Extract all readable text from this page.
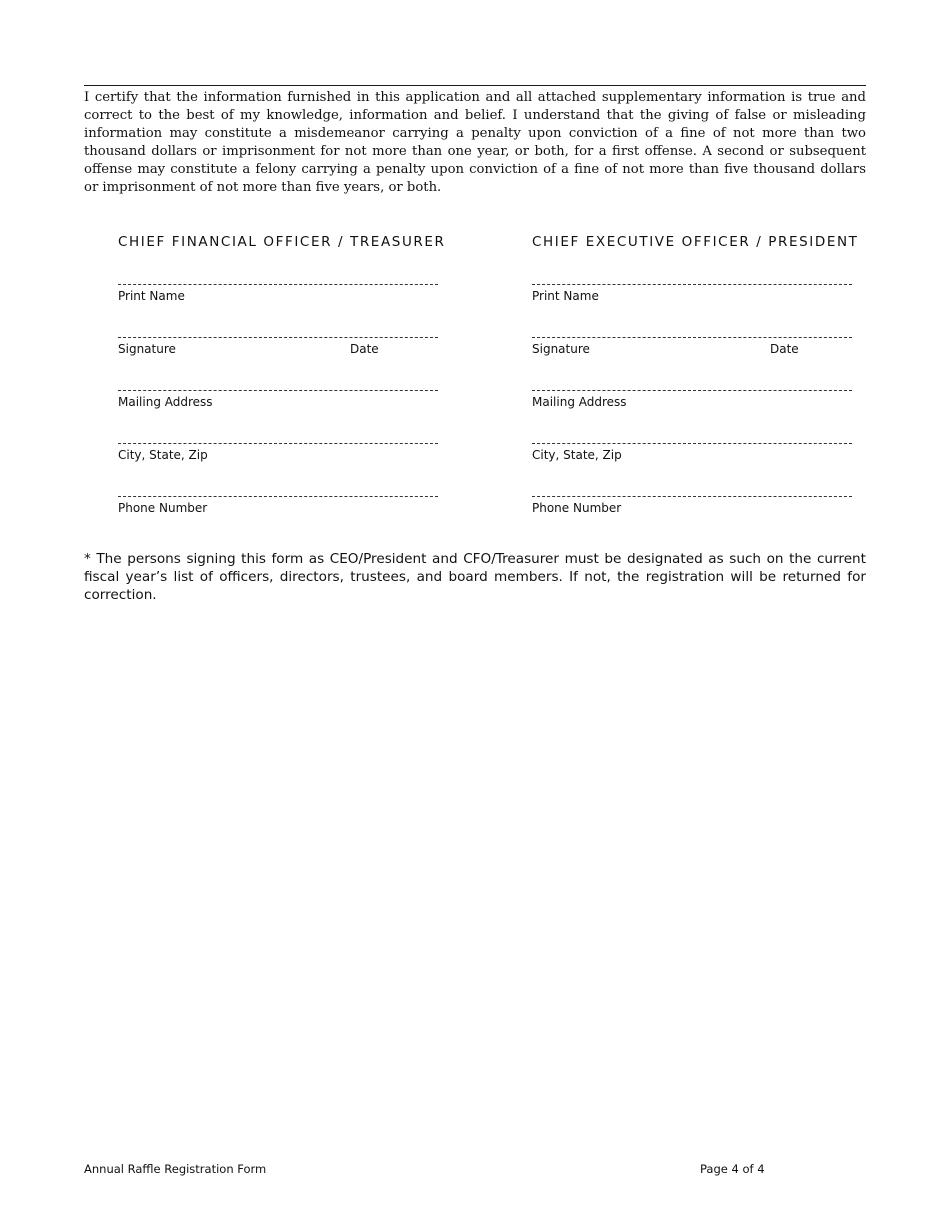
I certify that the information furnished in this application and all attached supplementary information is true and correct to the best of my knowledge, information and belief. I understand that the giving of false or misleading information may constitute a misdemeanor carrying a penalty upon conviction of a fine of not more than two thousand dollars or imprisonment for not more than one year, or both, for a first offense. A second or subsequent offense may constitute a felony carrying a penalty upon conviction of a fine of not more than five thousand dollars or imprisonment of not more than five years, or both.

CHIEF FINANCIAL OFFICER / TREASURER
Print Name
Signature	Date
Mailing Address
City, State, Zip
Phone Number
CHIEF EXECUTIVE OFFICER / PRESIDENT
Print Name
Signature	Date
Mailing Address
City, State, Zip
Phone Number

* The persons signing this form as CEO/President and CFO/Treasurer must be designated as such on the current fiscal year’s list of officers, directors, trustees, and board members. If not, the registration will be returned for correction.

Annual Raffle Registration Form	Page 4 of 4
